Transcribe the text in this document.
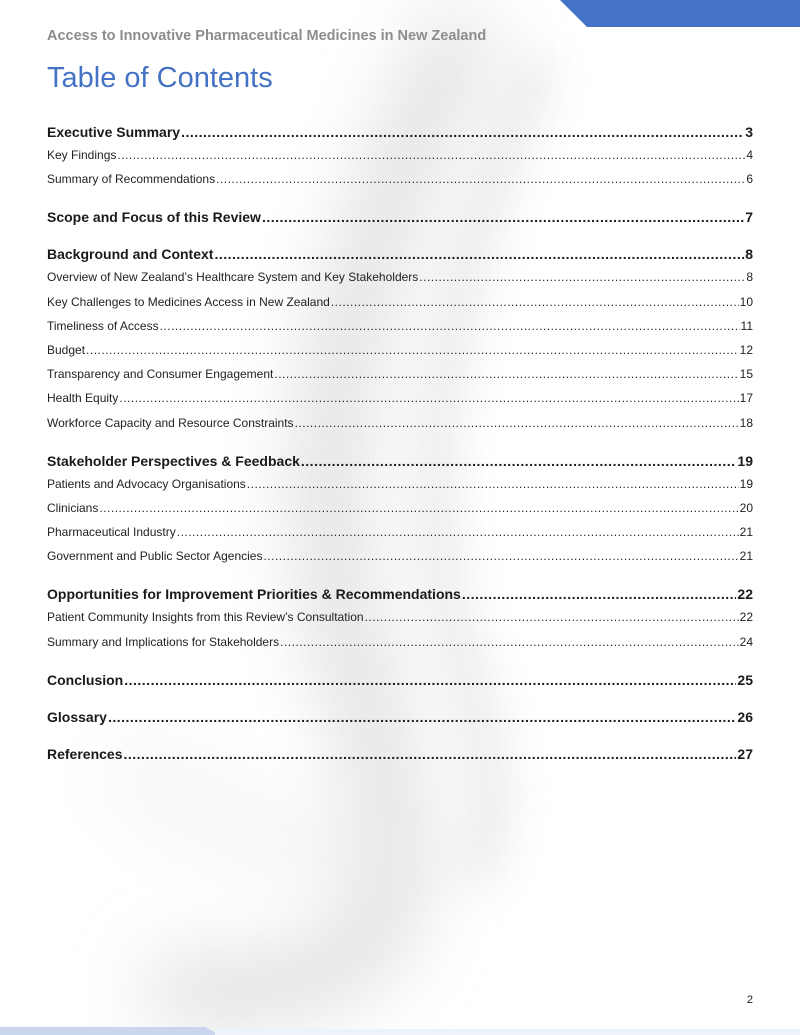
Access to Innovative Pharmaceutical Medicines in New Zealand
Table of Contents
Executive Summary .....	3
Key Findings .....	4
Summary of Recommendations .....	6
Scope and Focus of this Review .....	7
Background and Context .....	8
Overview of New Zealand’s Healthcare System and Key Stakeholders .....	8
Key Challenges to Medicines Access in New Zealand .....	10
Timeliness of Access .....	11
Budget .....	12
Transparency and Consumer Engagement .....	15
Health Equity .....	17
Workforce Capacity and Resource Constraints .....	18
Stakeholder Perspectives & Feedback .....	19
Patients and Advocacy Organisations .....	19
Clinicians .....	20
Pharmaceutical Industry .....	21
Government and Public Sector Agencies .....	21
Opportunities for Improvement Priorities & Recommendations .....	22
Patient Community Insights from this Review’s Consultation .....	22
Summary and Implications for Stakeholders .....	24
Conclusion .....	25
Glossary .....	26
References .....	27
2
